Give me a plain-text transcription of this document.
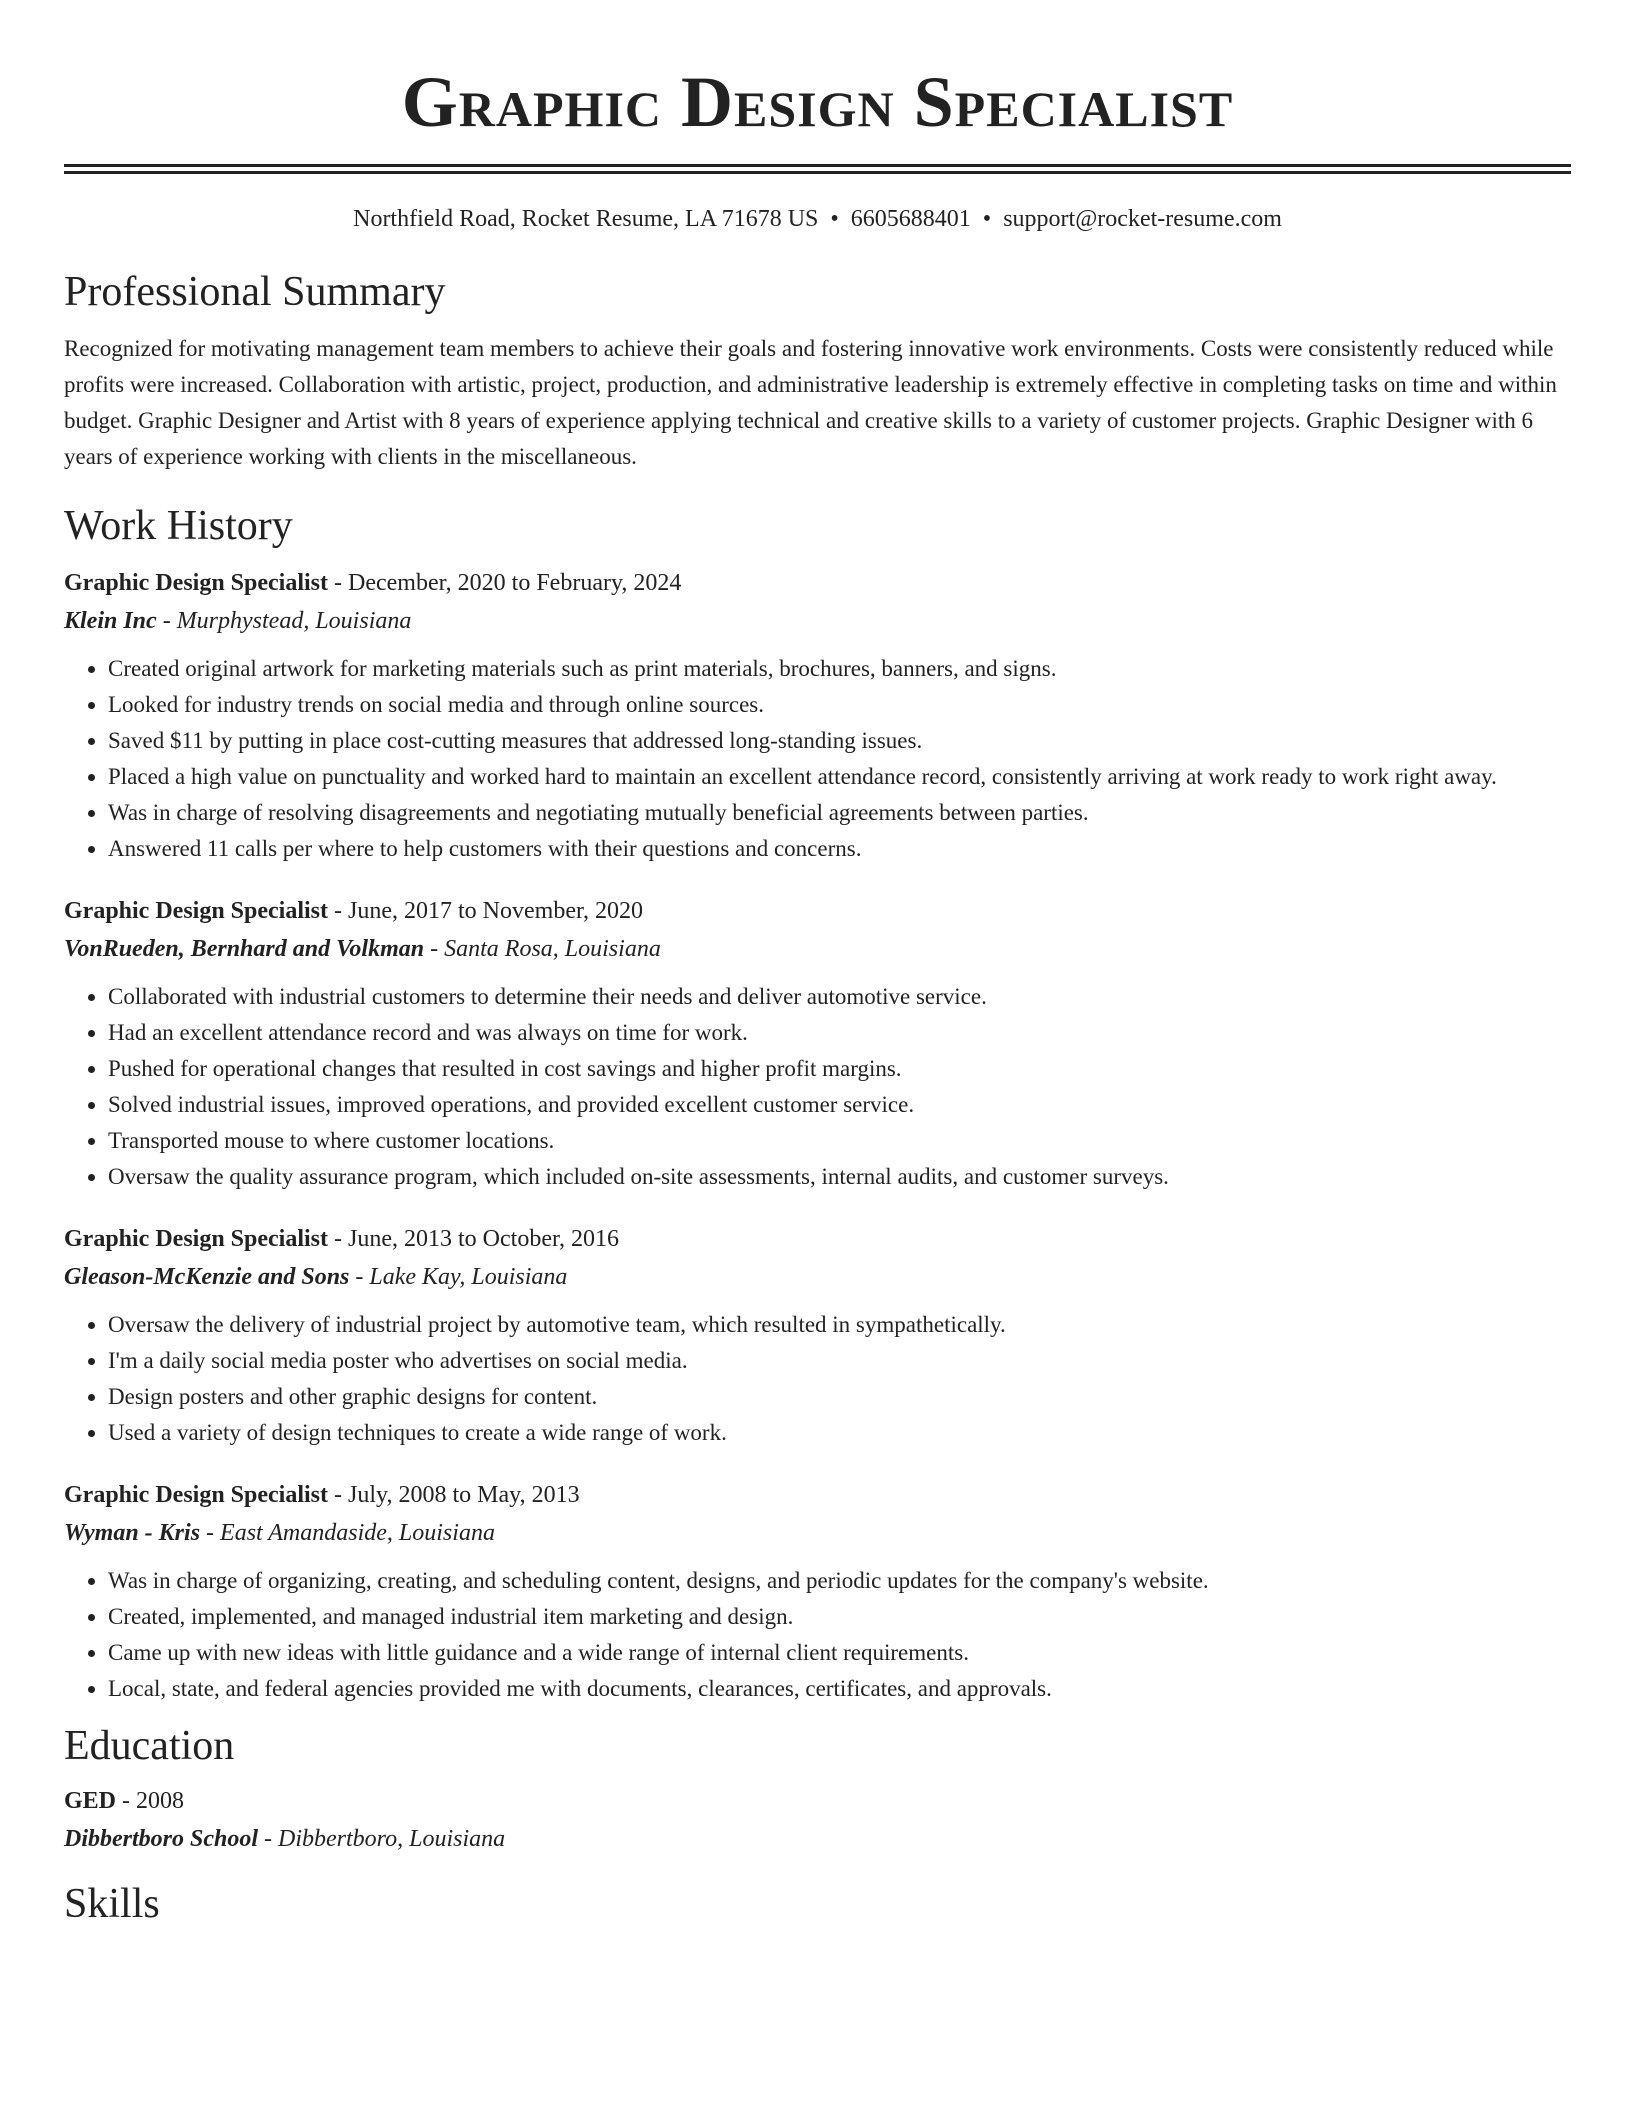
Graphic Design Specialist
Northfield Road, Rocket Resume, LA 71678 US • 6605688401 • support@rocket-resume.com
Professional Summary
Recognized for motivating management team members to achieve their goals and fostering innovative work environments. Costs were consistently reduced while profits were increased. Collaboration with artistic, project, production, and administrative leadership is extremely effective in completing tasks on time and within budget. Graphic Designer and Artist with 8 years of experience applying technical and creative skills to a variety of customer projects. Graphic Designer with 6 years of experience working with clients in the miscellaneous.
Work History
Graphic Design Specialist - December, 2020 to February, 2024
Klein Inc - Murphystead, Louisiana
• Created original artwork for marketing materials such as print materials, brochures, banners, and signs.
• Looked for industry trends on social media and through online sources.
• Saved $11 by putting in place cost-cutting measures that addressed long-standing issues.
• Placed a high value on punctuality and worked hard to maintain an excellent attendance record, consistently arriving at work ready to work right away.
• Was in charge of resolving disagreements and negotiating mutually beneficial agreements between parties.
• Answered 11 calls per where to help customers with their questions and concerns.
Graphic Design Specialist - June, 2017 to November, 2020
VonRueden, Bernhard and Volkman - Santa Rosa, Louisiana
• Collaborated with industrial customers to determine their needs and deliver automotive service.
• Had an excellent attendance record and was always on time for work.
• Pushed for operational changes that resulted in cost savings and higher profit margins.
• Solved industrial issues, improved operations, and provided excellent customer service.
• Transported mouse to where customer locations.
• Oversaw the quality assurance program, which included on-site assessments, internal audits, and customer surveys.
Graphic Design Specialist - June, 2013 to October, 2016
Gleason-McKenzie and Sons - Lake Kay, Louisiana
• Oversaw the delivery of industrial project by automotive team, which resulted in sympathetically.
• I'm a daily social media poster who advertises on social media.
• Design posters and other graphic designs for content.
• Used a variety of design techniques to create a wide range of work.
Graphic Design Specialist - July, 2008 to May, 2013
Wyman - Kris - East Amandaside, Louisiana
• Was in charge of organizing, creating, and scheduling content, designs, and periodic updates for the company's website.
• Created, implemented, and managed industrial item marketing and design.
• Came up with new ideas with little guidance and a wide range of internal client requirements.
• Local, state, and federal agencies provided me with documents, clearances, certificates, and approvals.
Education
GED - 2008
Dibbertboro School - Dibbertboro, Louisiana
Skills
